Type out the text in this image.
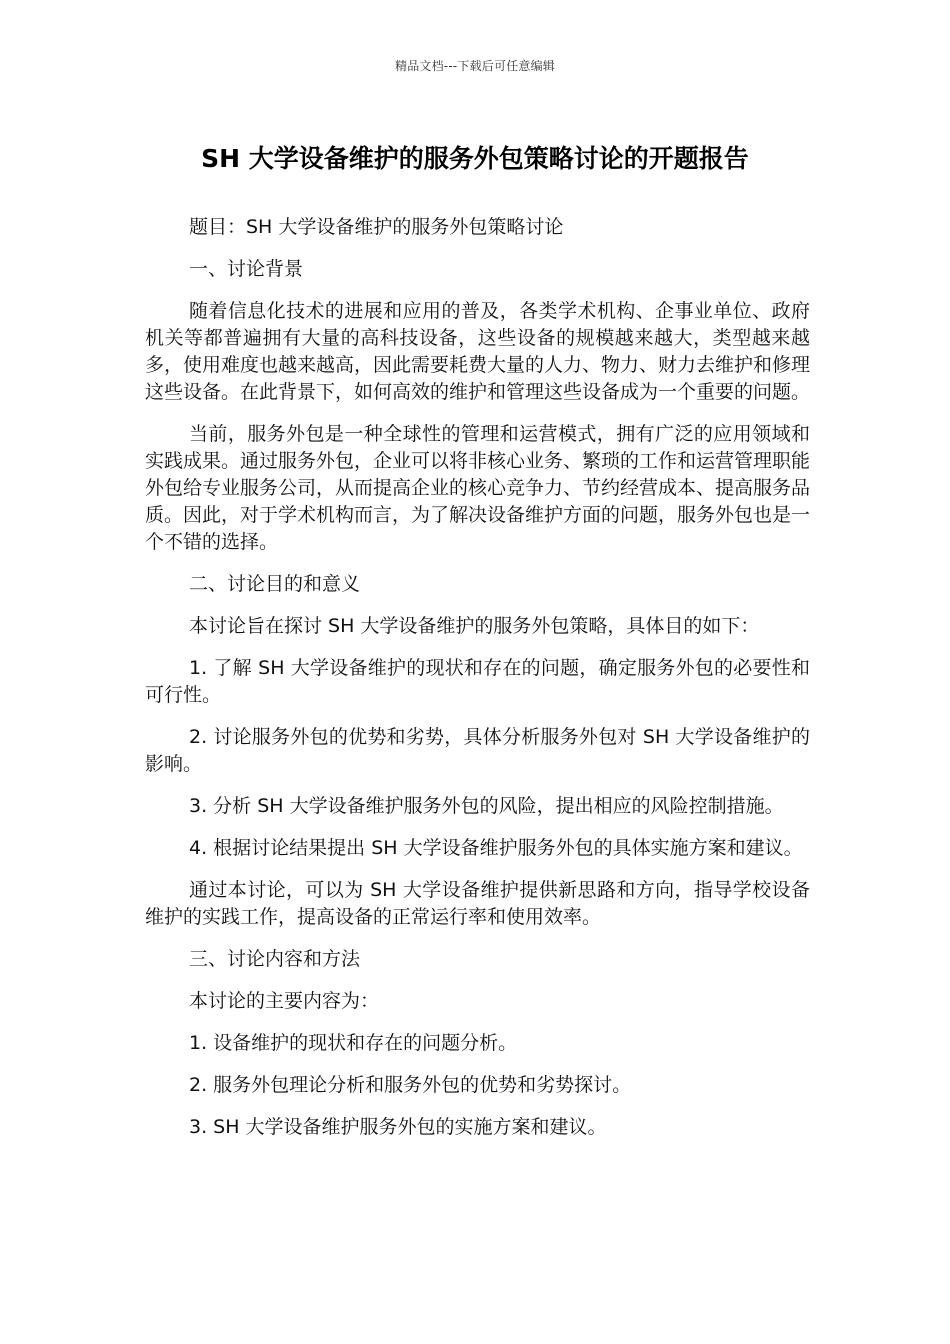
精品文档---下载后可任意编辑
SH 大学设备维护的服务外包策略讨论的开题报告

题目：SH 大学设备维护的服务外包策略讨论

一、讨论背景

随着信息化技术的进展和应用的普及，各类学术机构、企事业单位、政府机关等都普遍拥有大量的高科技设备，这些设备的规模越来越大，类型越来越多，使用难度也越来越高，因此需要耗费大量的人力、物力、财力去维护和修理这些设备。在此背景下，如何高效的维护和管理这些设备成为一个重要的问题。

当前，服务外包是一种全球性的管理和运营模式，拥有广泛的应用领域和实践成果。通过服务外包，企业可以将非核心业务、繁琐的工作和运营管理职能外包给专业服务公司，从而提高企业的核心竞争力、节约经营成本、提高服务品质。因此，对于学术机构而言，为了解决设备维护方面的问题，服务外包也是一个不错的选择。

二、讨论目的和意义

本讨论旨在探讨 SH 大学设备维护的服务外包策略，具体目的如下：

1. 了解 SH 大学设备维护的现状和存在的问题，确定服务外包的必要性和可行性。

2. 讨论服务外包的优势和劣势，具体分析服务外包对 SH 大学设备维护的影响。

3. 分析 SH 大学设备维护服务外包的风险，提出相应的风险控制措施。

4. 根据讨论结果提出 SH 大学设备维护服务外包的具体实施方案和建议。

通过本讨论，可以为 SH 大学设备维护提供新思路和方向，指导学校设备维护的实践工作，提高设备的正常运行率和使用效率。

三、讨论内容和方法

本讨论的主要内容为：

1. 设备维护的现状和存在的问题分析。

2. 服务外包理论分析和服务外包的优势和劣势探讨。

3. SH 大学设备维护服务外包的实施方案和建议。
